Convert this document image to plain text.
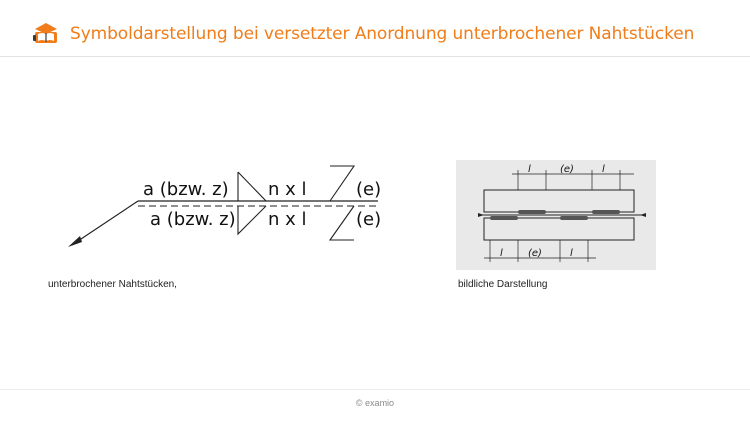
Symboldarstellung bei versetzter Anordnung unterbrochener Nahtstücken
a (bzw. z) n x l	(e)
a (bzw. z) n x l	(e)
unterbrochener Nahtstücken,
l	(e)	l
l	(e)	l
bildliche Darstellung
© examio
